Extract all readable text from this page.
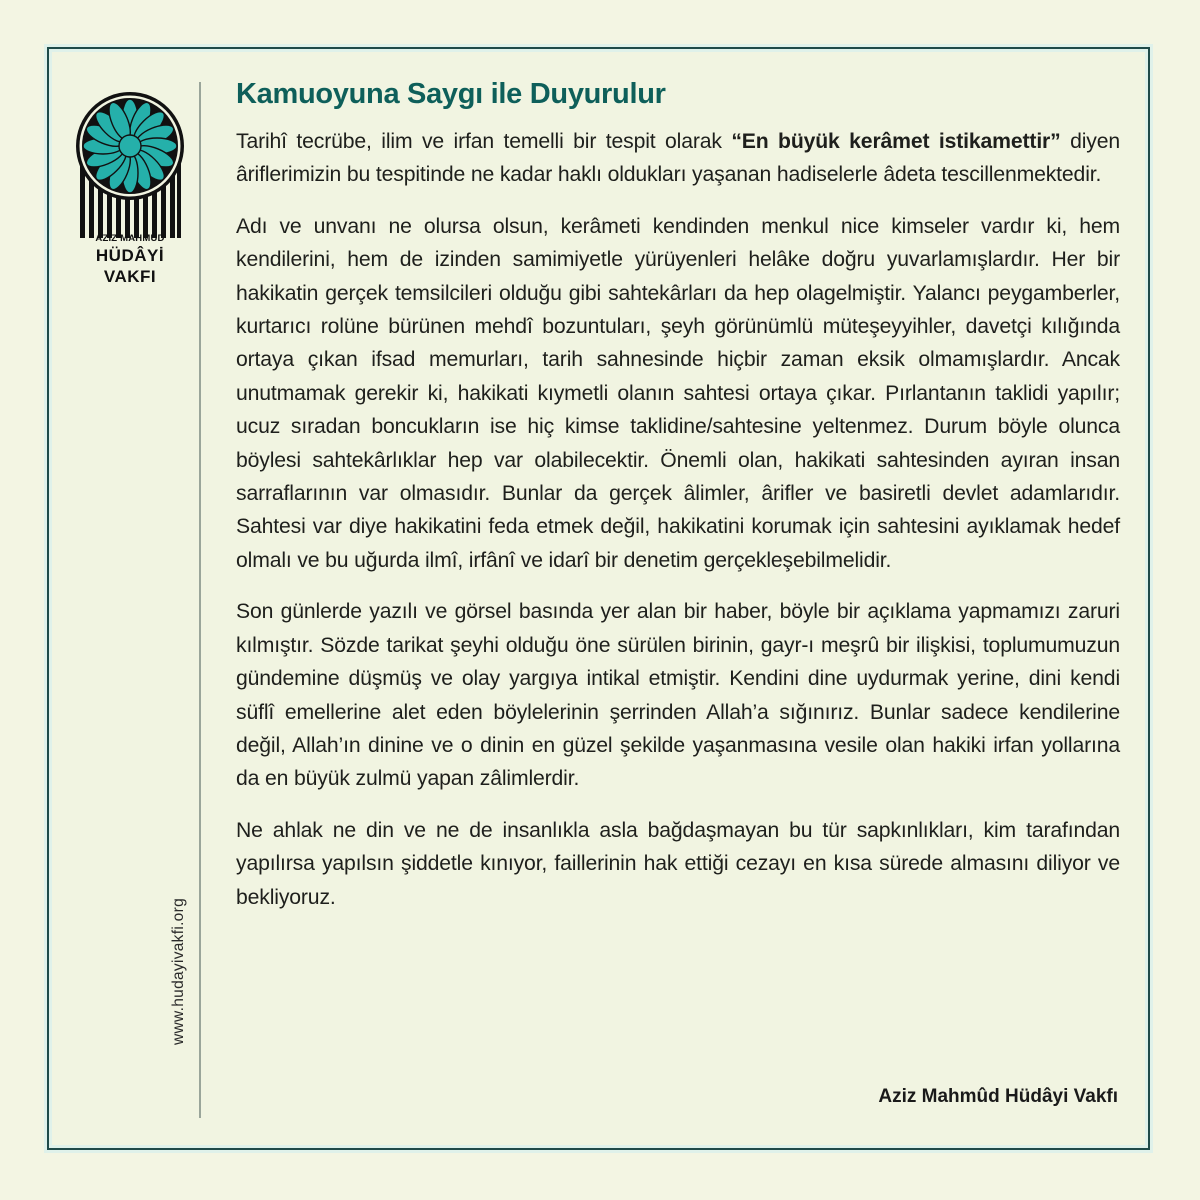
AZİZ MAHMÛD
HÜDÂYİ
VAKFI
www.hudayivakfi.org
Kamuoyuna Saygı ile Duyurulur

Tarihî tecrübe, ilim ve irfan temelli bir tespit olarak “En büyük kerâmet istikamettir” diyen âriflerimizin bu tespitinde ne kadar haklı oldukları yaşanan hadiselerle âdeta tescillenmektedir.

Adı ve unvanı ne olursa olsun, kerâmeti kendinden menkul nice kimseler vardır ki, hem kendilerini, hem de izinden samimiyetle yürüyenleri helâke doğru yuvarlamışlardır. Her bir hakikatin gerçek temsilcileri olduğu gibi sahtekârları da hep olagelmiştir. Yalancı peygamberler, kurtarıcı rolüne bürünen mehdî bozuntuları, şeyh görünümlü müteşeyyihler, davetçi kılığında ortaya çıkan ifsad memurları, tarih sahnesinde hiçbir zaman eksik olmamışlardır. Ancak unutmamak gerekir ki, hakikati kıymetli olanın sahtesi ortaya çıkar. Pırlantanın taklidi yapılır; ucuz sıradan boncukların ise hiç kimse taklidine/sahtesine yeltenmez. Durum böyle olunca böylesi sahtekârlıklar hep var olabilecektir. Önemli olan, hakikati sahtesinden ayıran insan sarraflarının var olmasıdır. Bunlar da gerçek âlimler, ârifler ve basiretli devlet adamlarıdır. Sahtesi var diye hakikatini feda etmek değil, hakikatini korumak için sahtesini ayıklamak hedef olmalı ve bu uğurda ilmî, irfânî ve idarî bir denetim gerçekleşebilmelidir.

Son günlerde yazılı ve görsel basında yer alan bir haber, böyle bir açıklama yapmamızı zaruri kılmıştır. Sözde tarikat şeyhi olduğu öne sürülen birinin, gayr-ı meşrû bir ilişkisi, toplumumuzun gündemine düşmüş ve olay yargıya intikal etmiştir. Kendini dine uydurmak yerine, dini kendi süflî emellerine alet eden böylelerinin şerrinden Allah’a sığınırız. Bunlar sadece kendilerine değil, Allah’ın dinine ve o dinin en güzel şekilde yaşanmasına vesile olan hakiki irfan yollarına da en büyük zulmü yapan zâlimlerdir.

Ne ahlak ne din ve ne de insanlıkla asla bağdaşmayan bu tür sapkınlıkları, kim tarafından yapılırsa yapılsın şiddetle kınıyor, faillerinin hak ettiği cezayı en kısa sürede almasını diliyor ve bekliyoruz.

Aziz Mahmûd Hüdâyi Vakfı
